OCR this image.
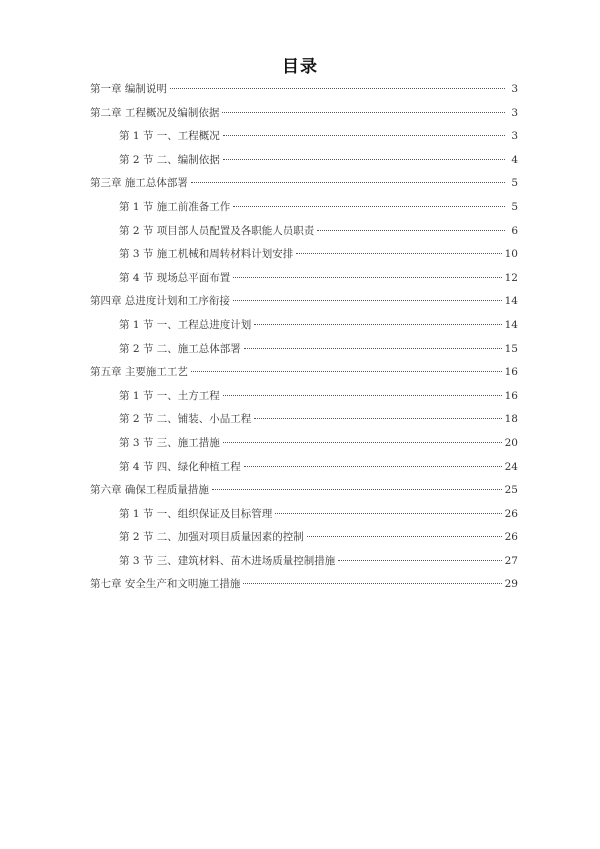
目录
第一章 编制说明	3
第二章 工程概况及编制依据	3
第 1 节 一、工程概况	3
第 2 节 二、编制依据	4
第三章 施工总体部署	5
第 1 节 施工前准备工作	5
第 2 节 项目部人员配置及各职能人员职责	6
第 3 节 施工机械和周转材料计划安排	10
第 4 节 现场总平面布置	12
第四章 总进度计划和工序衔接	14
第 1 节 一、工程总进度计划	14
第 2 节 二、施工总体部署	15
第五章 主要施工工艺	16
第 1 节 一、土方工程	16
第 2 节 二、铺装、小品工程	18
第 3 节 三、施工措施	20
第 4 节 四、绿化种植工程	24
第六章 确保工程质量措施	25
第 1 节 一、组织保证及目标管理	26
第 2 节 二、加强对项目质量因素的控制	26
第 3 节 三、建筑材料、苗木进场质量控制措施	27
第七章 安全生产和文明施工措施	29
